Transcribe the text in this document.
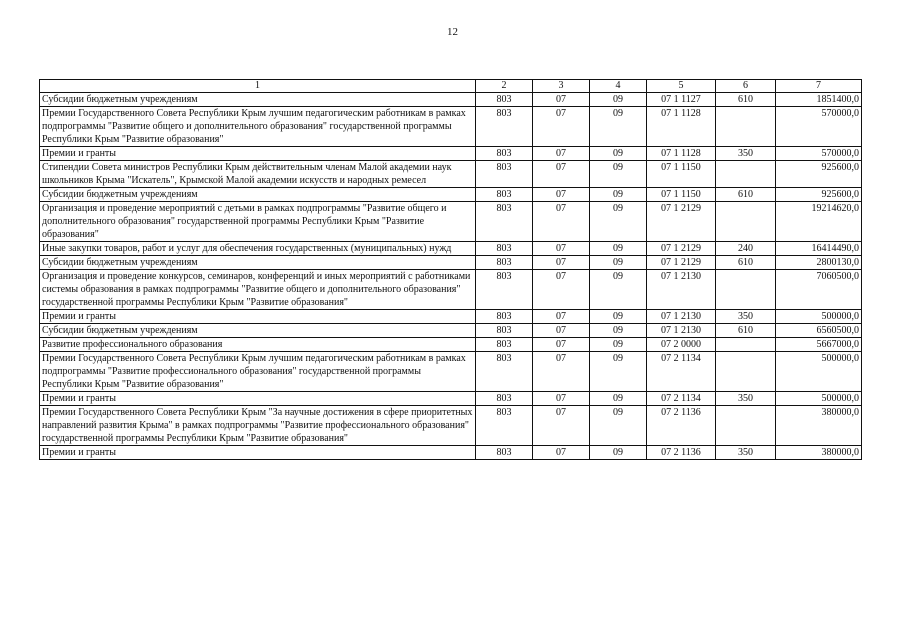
12
1	2	3	4	5	6	7
Субсидии бюджетным учреждениям	803	07	09	07 1 1127	610	1851400,0
Премии Государственного Совета Республики Крым лучшим педагогическим работникам в рамках подпрограммы "Развитие общего и дополнительного образования" государственной программы Республики Крым "Развитие образования"	803	07	09	07 1 1128		570000,0
Премии и гранты	803	07	09	07 1 1128	350	570000,0
Стипендии Совета министров Республики Крым действительным членам Малой академии наук школьников Крыма "Искатель", Крымской Малой академии искусств и народных ремесел	803	07	09	07 1 1150		925600,0
Субсидии бюджетным учреждениям	803	07	09	07 1 1150	610	925600,0
Организация и проведение мероприятий с детьми в рамках подпрограммы "Развитие общего и дополнительного образования" государственной программы Республики Крым "Развитие образования"	803	07	09	07 1 2129		19214620,0
Иные закупки товаров, работ и услуг для обеспечения государственных (муниципальных) нужд	803	07	09	07 1 2129	240	16414490,0
Субсидии бюджетным учреждениям	803	07	09	07 1 2129	610	2800130,0
Организация и проведение конкурсов, семинаров, конференций и иных мероприятий с работниками системы образования в рамках подпрограммы "Развитие общего и дополнительного образования" государственной программы Республики Крым "Развитие образования"	803	07	09	07 1 2130		7060500,0
Премии и гранты	803	07	09	07 1 2130	350	500000,0
Субсидии бюджетным учреждениям	803	07	09	07 1 2130	610	6560500,0
Развитие профессионального образования	803	07	09	07 2 0000		5667000,0
Премии Государственного Совета Республики Крым лучшим педагогическим работникам в рамках подпрограммы "Развитие профессионального образования" государственной программы Республики Крым "Развитие образования"	803	07	09	07 2 1134		500000,0
Премии и гранты	803	07	09	07 2 1134	350	500000,0
Премии Государственного Совета Республики Крым "За научные достижения в сфере приоритетных направлений развития Крыма" в рамках подпрограммы "Развитие профессионального образования" государственной программы Республики Крым "Развитие образования"	803	07	09	07 2 1136		380000,0
Премии и гранты	803	07	09	07 2 1136	350	380000,0
